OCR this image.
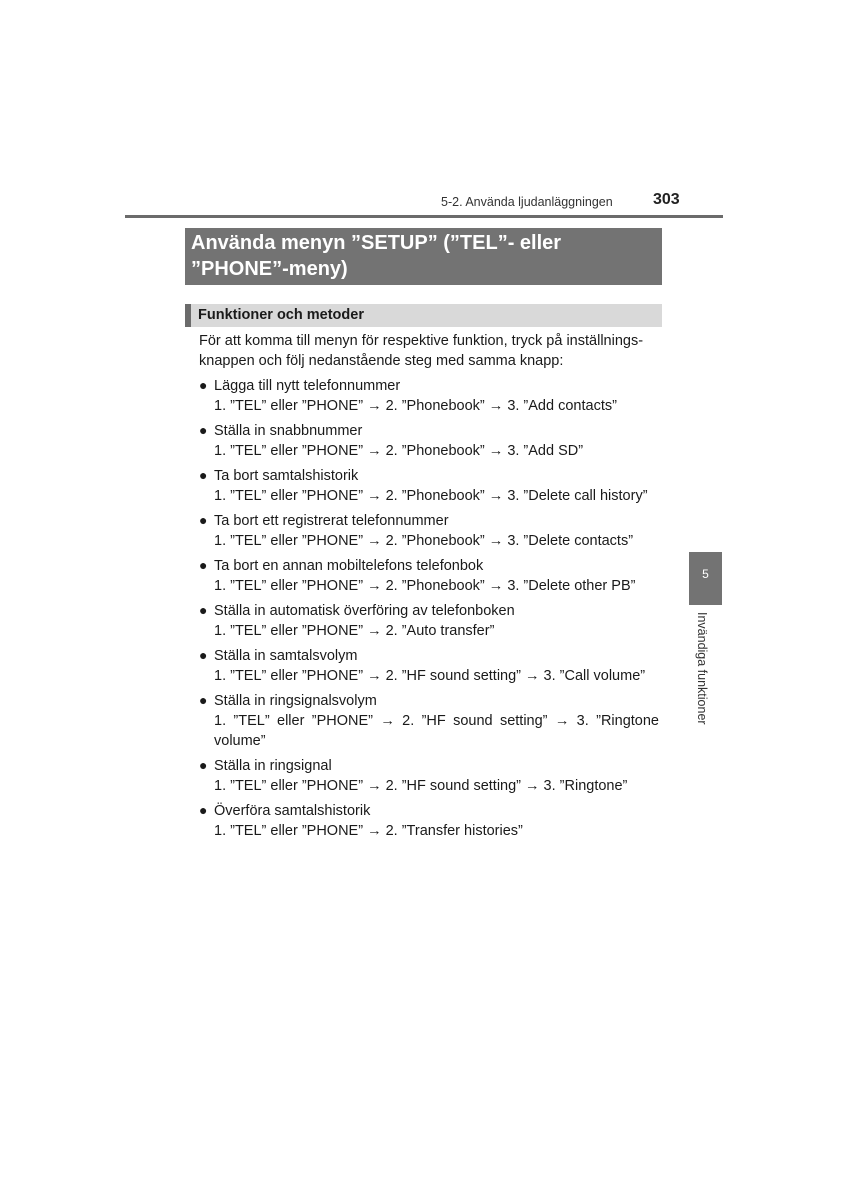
5-2. Använda ljudanläggningen	303
Använda menyn ”SETUP” (”TEL”- eller
”PHONE”-meny)
Funktioner och metoder

För att komma till menyn för respektive funktion, tryck på inställnings-knappen och följ nedanstående steg med samma knapp:

● Lägga till nytt telefonnummer
1. ”TEL” eller ”PHONE” → 2. ”Phonebook” → 3. ”Add contacts”
● Ställa in snabbnummer
1. ”TEL” eller ”PHONE” → 2. ”Phonebook” → 3. ”Add SD”
● Ta bort samtalshistorik
1. ”TEL” eller ”PHONE” → 2. ”Phonebook” → 3. ”Delete call history”
● Ta bort ett registrerat telefonnummer
1. ”TEL” eller ”PHONE” → 2. ”Phonebook” → 3. ”Delete contacts”
● Ta bort en annan mobiltelefons telefonbok
1. ”TEL” eller ”PHONE” → 2. ”Phonebook” → 3. ”Delete other PB”
● Ställa in automatisk överföring av telefonboken
1. ”TEL” eller ”PHONE” → 2. ”Auto transfer”
● Ställa in samtalsvolym
1. ”TEL” eller ”PHONE” → 2. ”HF sound setting” → 3. ”Call volume”
● Ställa in ringsignalsvolym
1. ”TEL” eller ”PHONE” → 2. ”HF sound setting” → 3. ”Ringtone volume”
● Ställa in ringsignal
1. ”TEL” eller ”PHONE” → 2. ”HF sound setting” → 3. ”Ringtone”
● Överföra samtalshistorik
1. ”TEL” eller ”PHONE” → 2. ”Transfer histories”
5
Invändiga funktioner
